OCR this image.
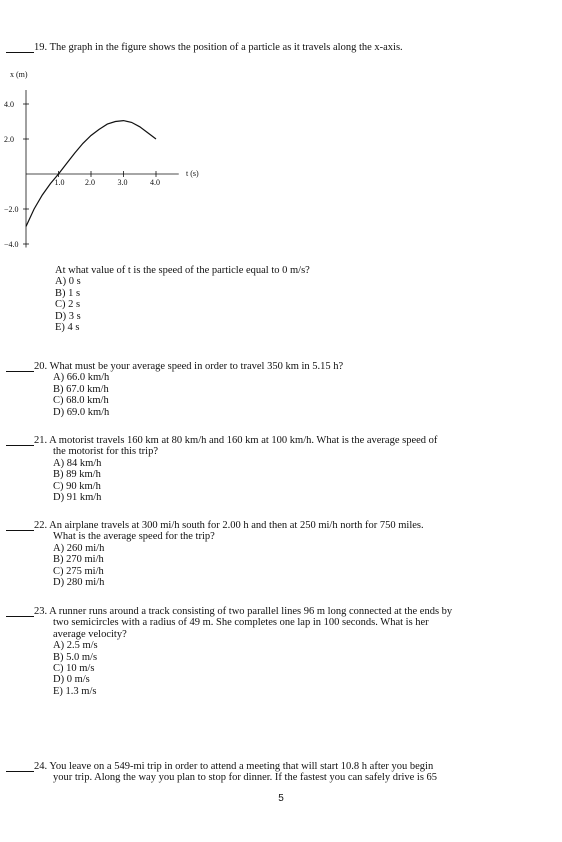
19. The graph in the figure shows the position of a particle as it travels along the x-axis.
x (m)
t (s)
1.0	2.0	3.0	4.0
4.0
2.0
−2.0
−4.0
At what value of t is the speed of the particle equal to 0 m/s?
A) 0 s
B) 1 s
C) 2 s
D) 3 s
E) 4 s
20. What must be your average speed in order to travel 350 km in 5.15 h?
A) 66.0 km/h
B) 67.0 km/h
C) 68.0 km/h
D) 69.0 km/h
21. A motorist travels 160 km at 80 km/h and 160 km at 100 km/h. What is the average speed of
the motorist for this trip?
A) 84 km/h
B) 89 km/h
C) 90 km/h
D) 91 km/h
22. An airplane travels at 300 mi/h south for 2.00 h and then at 250 mi/h north for 750 miles.
What is the average speed for the trip?
A) 260 mi/h
B) 270 mi/h
C) 275 mi/h
D) 280 mi/h
23. A runner runs around a track consisting of two parallel lines 96 m long connected at the ends by
two semicircles with a radius of 49 m. She completes one lap in 100 seconds. What is her
average velocity?
A) 2.5 m/s
B) 5.0 m/s
C) 10 m/s
D) 0 m/s
E) 1.3 m/s
24. You leave on a 549-mi trip in order to attend a meeting that will start 10.8 h after you begin
your trip. Along the way you plan to stop for dinner. If the fastest you can safely drive is 65
5
